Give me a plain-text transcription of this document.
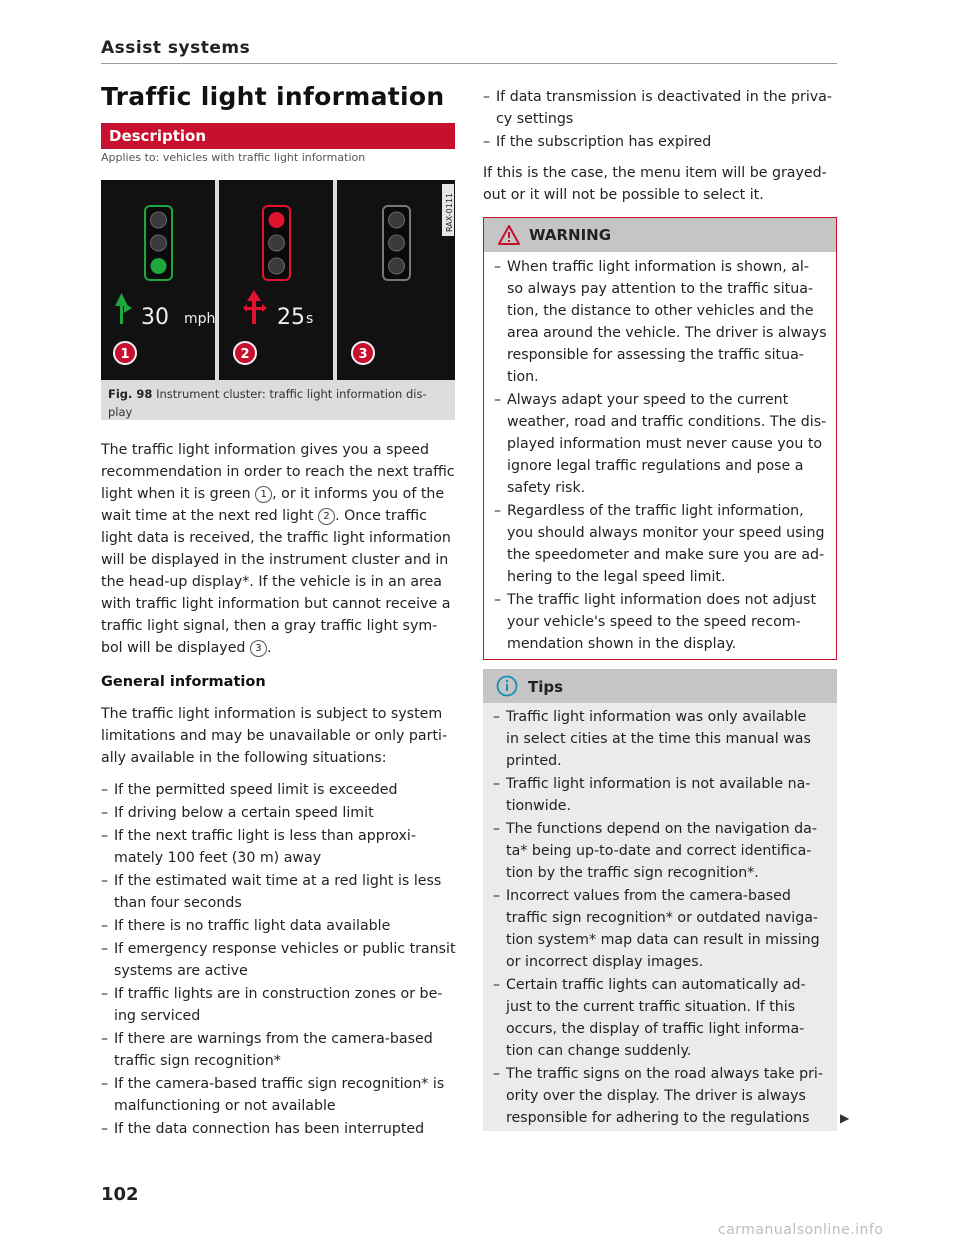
Assist systems
Traffic light information
Description
Applies to: vehicles with traffic light information
30 mph
1
25 s
2	3
RAX-0111
Fig. 98 Instrument cluster: traffic light information dis-
play
The traffic light information gives you a speed
recommendation in order to reach the next traffic
light when it is green 1 , or it informs you of the
wait time at the next red light 2 . Once traffic
light data is received, the traffic light information
will be displayed in the instrument cluster and in
the head-up display*. If the vehicle is in an area
with traffic light information but cannot receive a
traffic light signal, then a gray traffic light sym-
bol will be displayed 3 .
General information
The traffic light information is subject to system
limitations and may be unavailable or only parti-
ally available in the following situations:
– If the permitted speed limit is exceeded
– If driving below a certain speed limit
– If the next traffic light is less than approxi-
mately 100 feet (30 m) away
– If the estimated wait time at a red light is less
than four seconds
– If there is no traffic light data available
– If emergency response vehicles or public transit
systems are active
– If traffic lights are in construction zones or be-
ing serviced
– If there are warnings from the camera-based
traffic sign recognition*
– If the camera-based traffic sign recognition* is
malfunctioning or not available
– If the data connection has been interrupted
– If data transmission is deactivated in the priva-
cy settings
– If the subscription has expired
If this is the case, the menu item will be grayed-
out or it will not be possible to select it.
WARNING
– When traffic light information is shown, al-
so always pay attention to the traffic situa-
tion, the distance to other vehicles and the
area around the vehicle. The driver is always
responsible for assessing the traffic situa-
tion.
– Always adapt your speed to the current
weather, road and traffic conditions. The dis-
played information must never cause you to
ignore legal traffic regulations and pose a
safety risk.
– Regardless of the traffic light information,
you should always monitor your speed using
the speedometer and make sure you are ad-
hering to the legal speed limit.
– The traffic light information does not adjust
your vehicle's speed to the speed recom-
mendation shown in the display.
Tips
– Traffic light information was only available
in select cities at the time this manual was
printed.
– Traffic light information is not available na-
tionwide.
– The functions depend on the navigation da-
ta* being up-to-date and correct identifica-
tion by the traffic sign recognition*.
– Incorrect values from the camera-based
traffic sign recognition* or outdated naviga-
tion system* map data can result in missing
or incorrect display images.
– Certain traffic lights can automatically ad-
just to the current traffic situation. If this
occurs, the display of traffic light informa-
tion can change suddenly.
– The traffic signs on the road always take pri-
ority over the display. The driver is always
responsible for adhering to the regulations	▶
102
carmanualsonline.info
